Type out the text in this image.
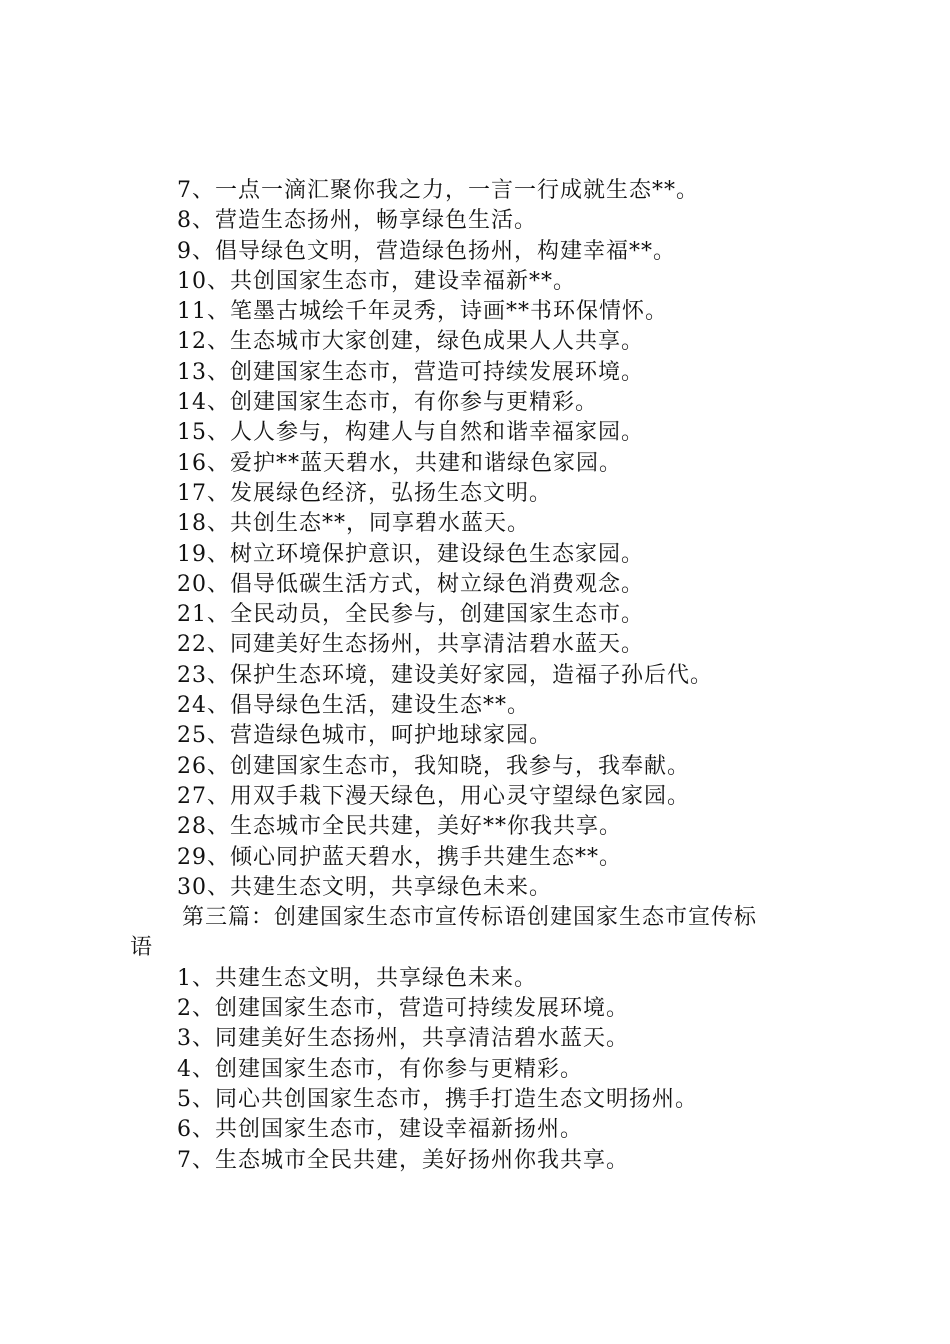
7、一点一滴汇聚你我之力，一言一行成就生态**。
8、营造生态扬州，畅享绿色生活。
9、倡导绿色文明，营造绿色扬州，构建幸福**。
10、共创国家生态市，建设幸福新**。
11、笔墨古城绘千年灵秀，诗画**书环保情怀。
12、生态城市大家创建，绿色成果人人共享。
13、创建国家生态市，营造可持续发展环境。
14、创建国家生态市，有你参与更精彩。
15、人人参与，构建人与自然和谐幸福家园。
16、爱护**蓝天碧水，共建和谐绿色家园。
17、发展绿色经济，弘扬生态文明。
18、共创生态**，同享碧水蓝天。
19、树立环境保护意识，建设绿色生态家园。
20、倡导低碳生活方式，树立绿色消费观念。
21、全民动员，全民参与，创建国家生态市。
22、同建美好生态扬州，共享清洁碧水蓝天。
23、保护生态环境，建设美好家园，造福子孙后代。
24、倡导绿色生活，建设生态**。
25、营造绿色城市，呵护地球家园。
26、创建国家生态市，我知晓，我参与，我奉献。
27、用双手栽下漫天绿色，用心灵守望绿色家园。
28、生态城市全民共建，美好**你我共享。
29、倾心同护蓝天碧水，携手共建生态**。
30、共建生态文明，共享绿色未来。
第三篇：创建国家生态市宣传标语创建国家生态市宣传标
语
1、共建生态文明，共享绿色未来。
2、创建国家生态市，营造可持续发展环境。
3、同建美好生态扬州，共享清洁碧水蓝天。
4、创建国家生态市，有你参与更精彩。
5、同心共创国家生态市，携手打造生态文明扬州。
6、共创国家生态市，建设幸福新扬州。
7、生态城市全民共建，美好扬州你我共享。
